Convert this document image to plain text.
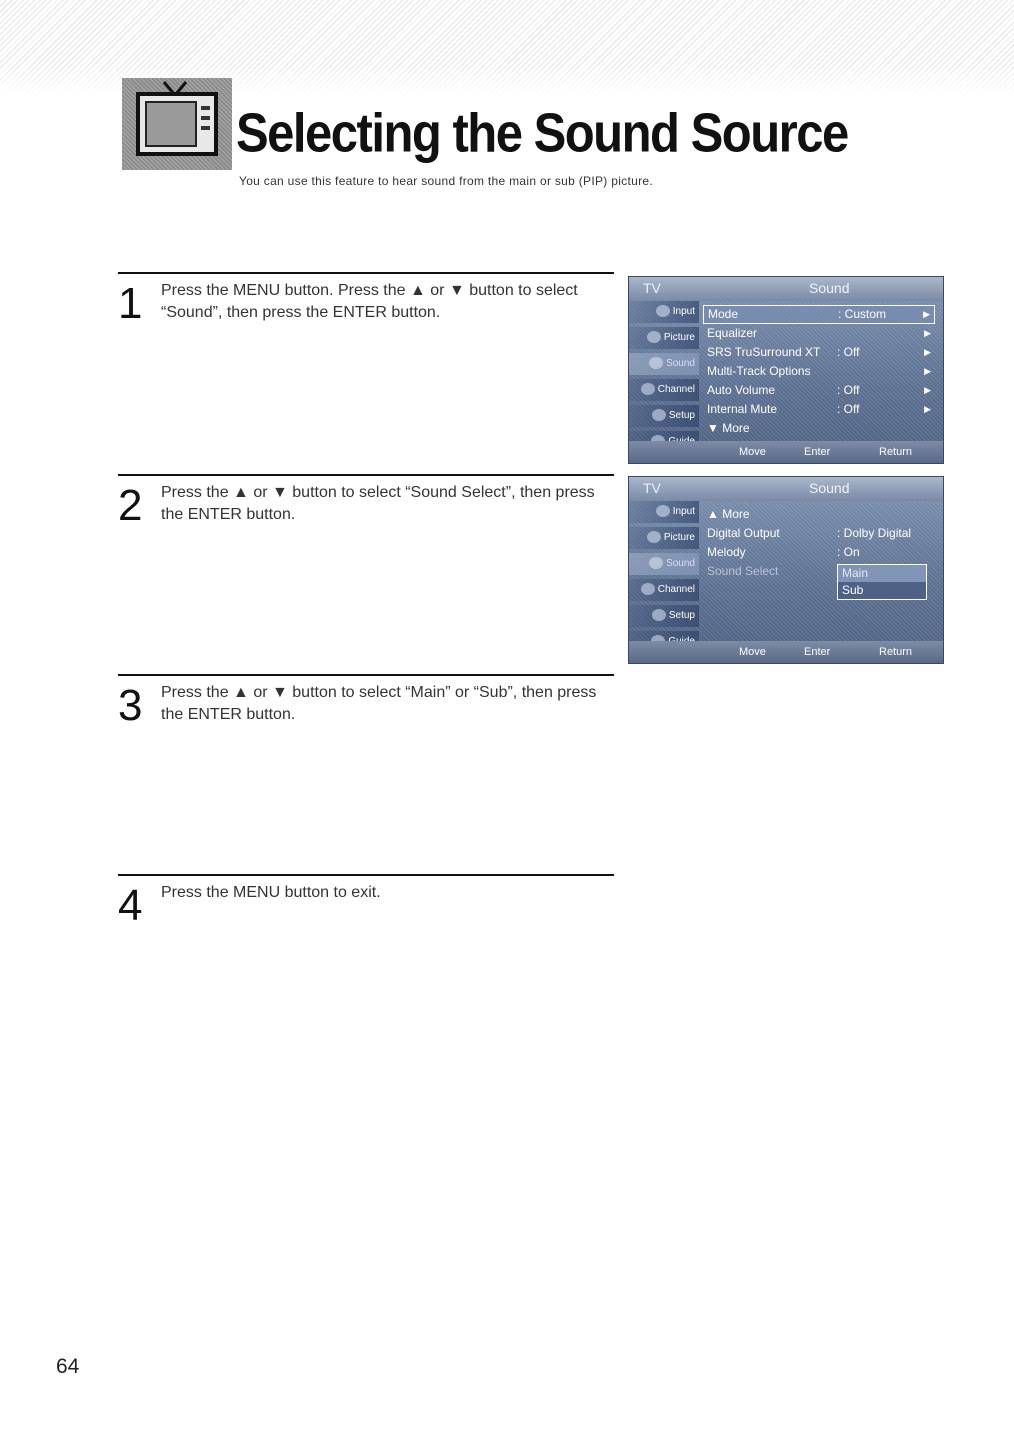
Selecting the Sound Source

You can use this feature to hear sound from the main or sub (PIP) picture.

1 Press the MENU button. Press the ▲ or ▼ button to select “Sound”, then press the ENTER button.

2 Press the ▲ or ▼ button to select “Sound Select”, then press the ENTER button.

3 Press the ▲ or ▼ button to select “Main” or “Sub”, then press the ENTER button.

4 Press the MENU button to exit.

TV	Sound
Input
Picture
Sound
Channel
Setup
Mode	: Custom	▶
Equalizer	▶
SRS TruSurround XT : Off	▶
Multi-Track Options	▶
Auto Volume	: Off	▶
Internal Mute	: Off	▶
▼ More
Move	Enter	Return
TV	Sound
Input
Picture
Sound
Channel
Setup
▲ More
Digital Output	: Dolby Digital
Melody	: On
Sound Select	Main
Sub
Move	Enter	Return

64
